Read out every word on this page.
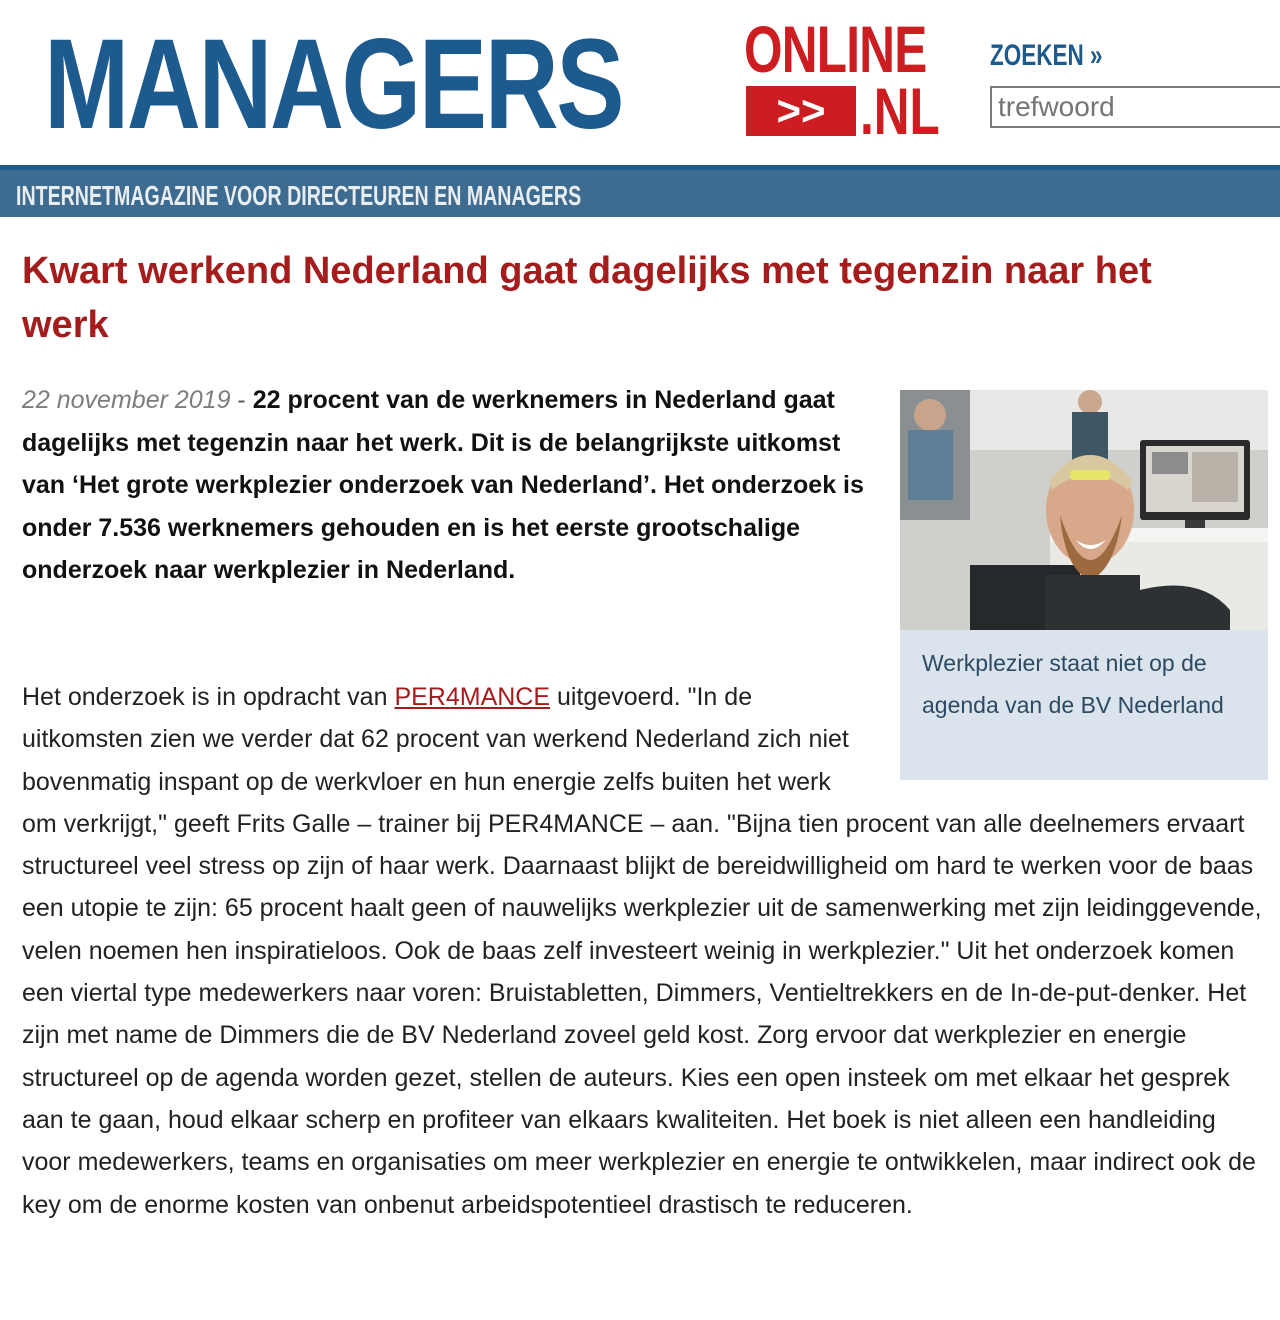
MANAGERS ONLINE
>> .NL
ZOEKEN »
trefwoord
INTERNETMAGAZINE VOOR DIRECTEUREN EN MANAGERS
Kwart werkend Nederland gaat dagelijks met tegenzin naar het werk
22 november 2019 - 22 procent van de werknemers in Nederland gaat dagelijks met tegenzin naar het werk. Dit is de belangrijkste uitkomst van ‘Het grote werkplezier onderzoek van Nederland’. Het onderzoek is onder 7.536 werknemers gehouden en is het eerste grootschalige onderzoek naar werkplezier in Nederland.
Werkplezier staat niet op de agenda van de BV Nederland
Het onderzoek is in opdracht van PER4MANCE uitgevoerd. "In de uitkomsten zien we verder dat 62 procent van werkend Nederland zich niet bovenmatig inspant op de werkvloer en hun energie zelfs buiten het werk om verkrijgt," geeft Frits Galle – trainer bij PER4MANCE – aan. "Bijna tien procent van alle deelnemers ervaart structureel veel stress op zijn of haar werk. Daarnaast blijkt de bereidwilligheid om hard te werken voor de baas een utopie te zijn: 65 procent haalt geen of nauwelijks werkplezier uit de samenwerking met zijn leidinggevende, velen noemen hen inspiratieloos. Ook de baas zelf investeert weinig in werkplezier." Uit het onderzoek komen een viertal type medewerkers naar voren: Bruistabletten, Dimmers, Ventieltrekkers en de In-de-put-denker. Het zijn met name de Dimmers die de BV Nederland zoveel geld kost. Zorg ervoor dat werkplezier en energie structureel op de agenda worden gezet, stellen de auteurs. Kies een open insteek om met elkaar het gesprek aan te gaan, houd elkaar scherp en profiteer van elkaars kwaliteiten. Het boek is niet alleen een handleiding voor medewerkers, teams en organisaties om meer werkplezier en energie te ontwikkelen, maar indirect ook de key om de enorme kosten van onbenut arbeidspotentieel drastisch te reduceren.
